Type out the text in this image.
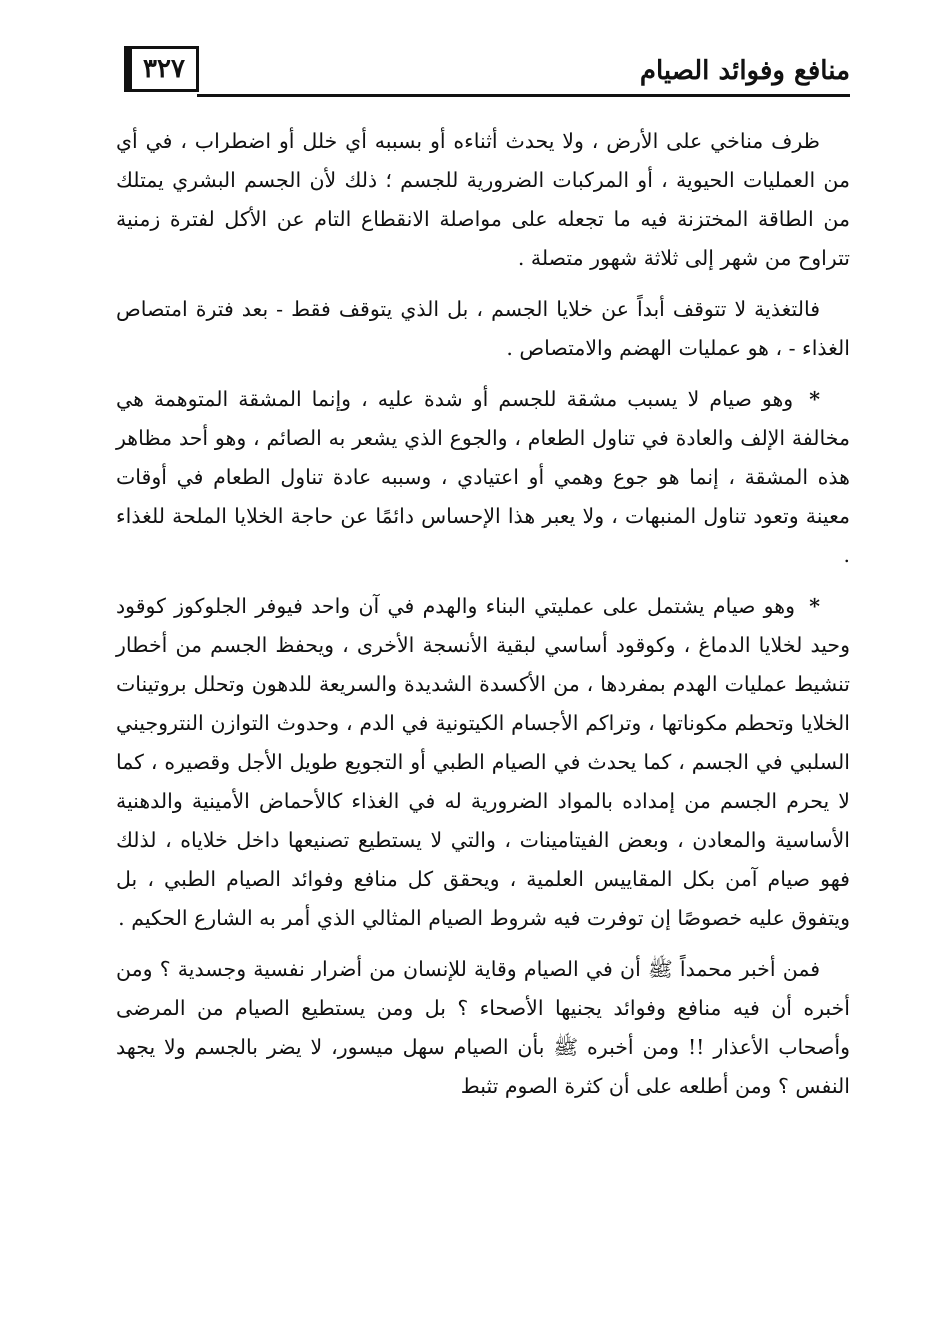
٣٢٧	منافع وفوائد الصيام

ظرف مناخي على الأرض ، ولا يحدث أثناءه أو بسببه أي خلل أو اضطراب ، في أي من العمليات الحيوية ، أو المركبات الضرورية للجسم ؛ ذلك لأن الجسم البشري يمتلك من الطاقة المختزنة فيه ما تجعله على مواصلة الانقطاع التام عن الأكل لفترة زمنية تتراوح من شهر إلى ثلاثة شهور متصلة .

فالتغذية لا تتوقف أبداً عن خلايا الجسم ، بل الذي يتوقف فقط - بعد فترة امتصاص الغذاء - ، هو عمليات الهضم والامتصاص .

* وهو صيام لا يسبب مشقة للجسم أو شدة عليه ، وإنما المشقة المتوهمة هي مخالفة الإلف والعادة في تناول الطعام ، والجوع الذي يشعر به الصائم ، وهو أحد مظاهر هذه المشقة ، إنما هو جوع وهمي أو اعتيادي ، وسببه عادة تناول الطعام في أوقات معينة وتعود تناول المنبهات ، ولا يعبر هذا الإحساس دائمًا عن حاجة الخلايا الملحة للغذاء .

* وهو صيام يشتمل على عمليتي البناء والهدم في آن واحد فيوفر الجلوكوز كوقود وحيد لخلايا الدماغ ، وكوقود أساسي لبقية الأنسجة الأخرى ، ويحفظ الجسم من أخطار تنشيط عمليات الهدم بمفردها ، من الأكسدة الشديدة والسريعة للدهون وتحلل بروتينات الخلايا وتحطم مكوناتها ، وتراكم الأجسام الكيتونية في الدم ، وحدوث التوازن النتروجيني السلبي في الجسم ، كما يحدث في الصيام الطبي أو التجويع طويل الأجل وقصيره ، كما لا يحرم الجسم من إمداده بالمواد الضرورية له في الغذاء كالأحماض الأمينية والدهنية الأساسية والمعادن ، وبعض الفيتامينات ، والتي لا يستطيع تصنيعها داخل خلاياه ، لذلك فهو صيام آمن بكل المقاييس العلمية ، ويحقق كل منافع وفوائد الصيام الطبي ، بل ويتفوق عليه خصوصًا إن توفرت فيه شروط الصيام المثالي الذي أمر به الشارع الحكيم .

فمن أخبر محمداً ﷺ أن في الصيام وقاية للإنسان من أضرار نفسية وجسدية ؟ ومن أخبره أن فيه منافع وفوائد يجنيها الأصحاء ؟ بل ومن يستطيع الصيام من المرضى وأصحاب الأعذار !! ومن أخبره ﷺ بأن الصيام سهل ميسور، لا يضر بالجسم ولا يجهد النفس ؟ ومن أطلعه على أن كثرة الصوم تثبط
